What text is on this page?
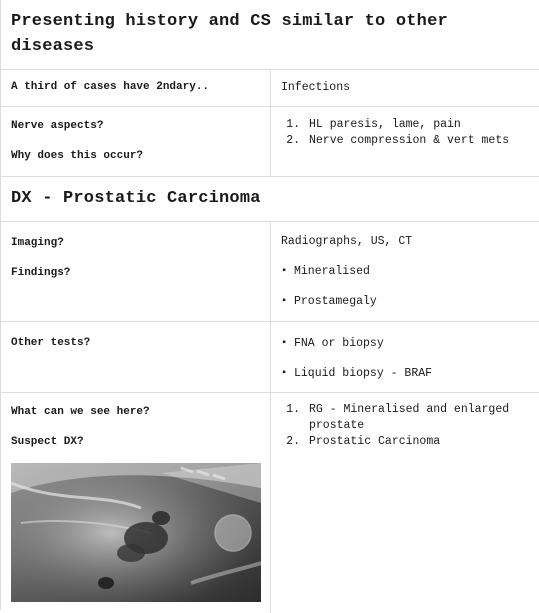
Presenting history and CS similar to other diseases
A third of cases have 2ndary..	Infections
Nerve aspects?
Why does this occur?
1. HL paresis, lame, pain
2. Nerve compression & vert mets
DX - Prostatic Carcinoma
Imaging?
Findings?
Radiographs, US, CT
▪ Mineralised
▪ Prostamegaly
Other tests?
▪	FNA or biopsy
▪ Liquid biopsy - BRAF
What can we see here?
Suspect DX?
1. RG - Mineralised and enlarged prostate
2. Prostatic Carcinoma
